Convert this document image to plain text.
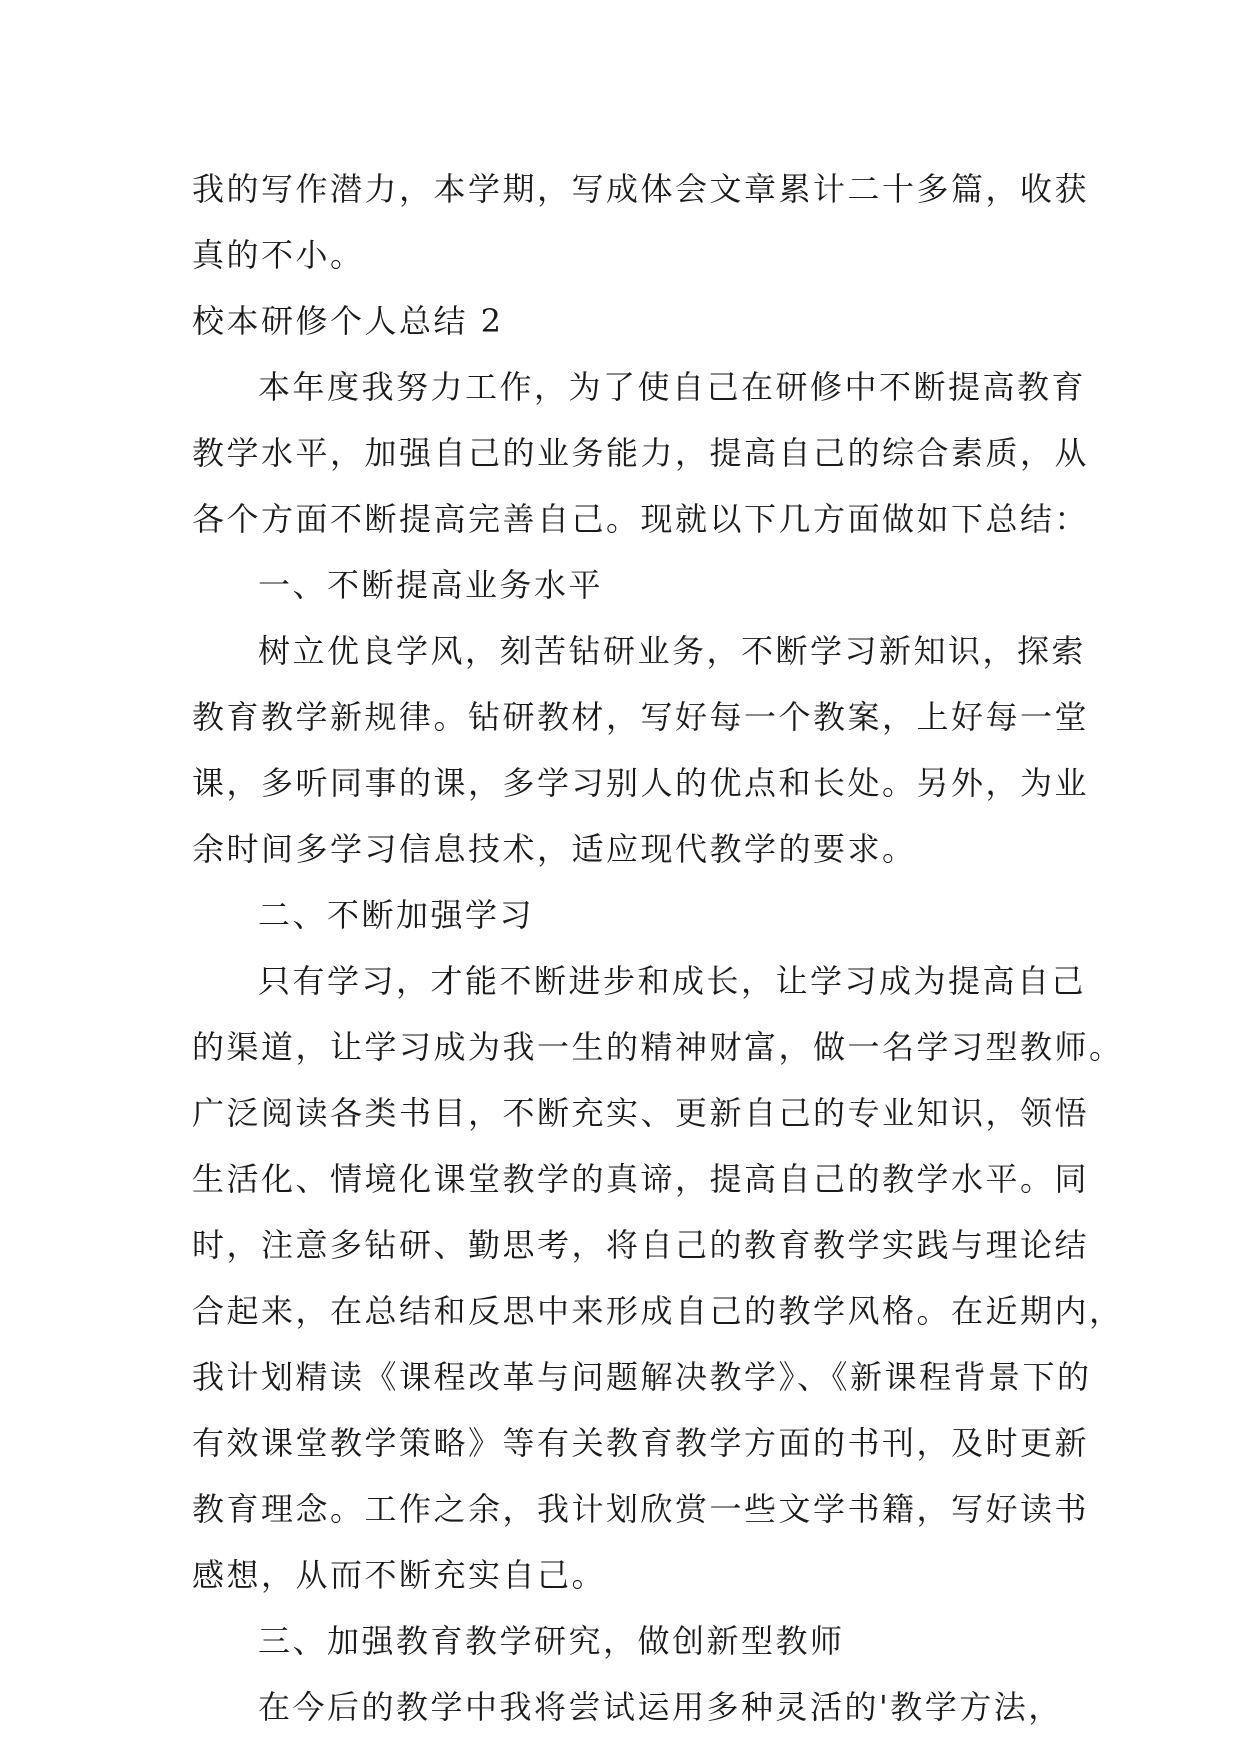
我的写作潜力，本学期，写成体会文章累计二十多篇，收获
真的不小。
校本研修个人总结 2
本年度我努力工作，为了使自己在研修中不断提高教育
教学水平，加强自己的业务能力，提高自己的综合素质，从
各个方面不断提高完善自己。现就以下几方面做如下总结：
一、不断提高业务水平
树立优良学风，刻苦钻研业务，不断学习新知识，探索
教育教学新规律。钻研教材，写好每一个教案，上好每一堂
课，多听同事的课，多学习别人的优点和长处。另外，为业
余时间多学习信息技术，适应现代教学的要求。
二、不断加强学习
只有学习，才能不断进步和成长，让学习成为提高自己
的渠道，让学习成为我一生的精神财富，做一名学习型教师。
广泛阅读各类书目，不断充实、更新自己的专业知识，领悟
生活化、情境化课堂教学的真谛，提高自己的教学水平。同
时，注意多钻研、勤思考，将自己的教育教学实践与理论结
合起来，在总结和反思中来形成自己的教学风格。在近期内，
我计划精读《课程改革与问题解决教学》、《新课程背景下的
有效课堂教学策略》等有关教育教学方面的书刊，及时更新
教育理念。工作之余，我计划欣赏一些文学书籍，写好读书
感想，从而不断充实自己。
三、加强教育教学研究，做创新型教师
在今后的教学中我将尝试运用多种灵活的'教学方法，
